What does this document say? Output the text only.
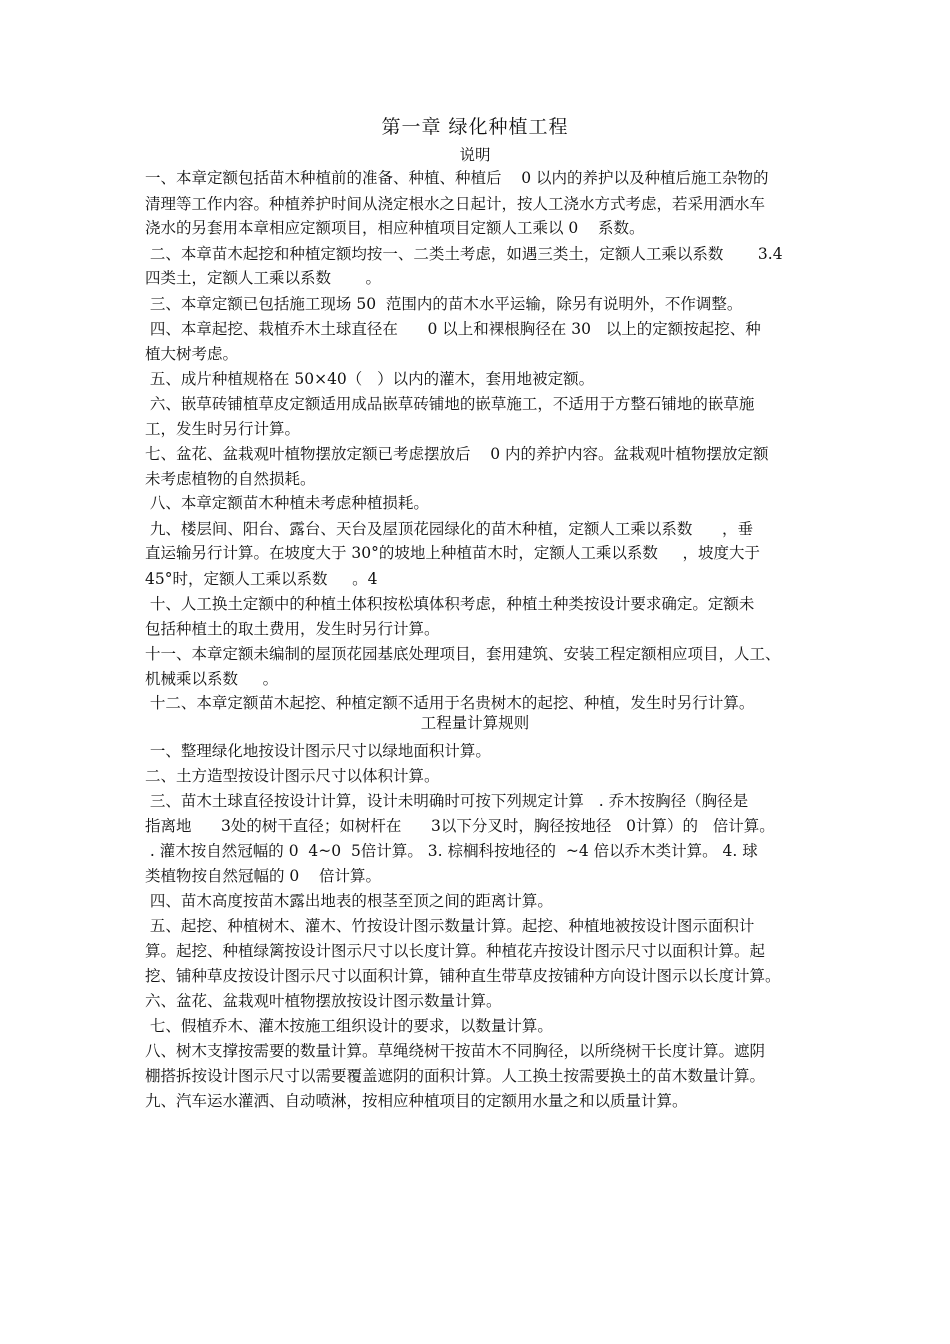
第一章 绿化种植工程
说明
一、本章定额包括苗木种植前的准备、种植、种植后    0 以内的养护以及种植后施工杂物的
清理等工作内容。种植养护时间从浇定根水之日起计，按人工浇水方式考虑，若采用洒水车
浇水的另套用本章相应定额项目，相应种植项目定额人工乘以 0    系数。
二、本章苗木起挖和种植定额均按一、二类土考虑，如遇三类土，定额人工乘以系数       3.4
四类土，定额人工乘以系数       。
三、本章定额已包括施工现场 50  范围内的苗木水平运输，除另有说明外，不作调整。
四、本章起挖、栽植乔木土球直径在      0 以上和裸根胸径在 30   以上的定额按起挖、种
植大树考虑。
五、成片种植规格在 50×40（   ）以内的灌木，套用地被定额。
六、嵌草砖铺植草皮定额适用成品嵌草砖铺地的嵌草施工，不适用于方整石铺地的嵌草施
工，发生时另行计算。
七、盆花、盆栽观叶植物摆放定额已考虑摆放后    0 内的养护内容。盆栽观叶植物摆放定额
未考虑植物的自然损耗。
八、本章定额苗木种植未考虑种植损耗。
九、楼层间、阳台、露台、天台及屋顶花园绿化的苗木种植，定额人工乘以系数      ，垂
直运输另行计算。在坡度大于 30°的坡地上种植苗木时，定额人工乘以系数     ，坡度大于
45°时，定额人工乘以系数     。4
十、人工换土定额中的种植土体积按松填体积考虑，种植土种类按设计要求确定。定额未
包括种植土的取土费用，发生时另行计算。
十一、本章定额未编制的屋顶花园基底处理项目，套用建筑、安装工程定额相应项目，人工、
机械乘以系数     。
十二、本章定额苗木起挖、种植定额不适用于名贵树木的起挖、种植，发生时另行计算。
工程量计算规则
一、整理绿化地按设计图示尺寸以绿地面积计算。
二、土方造型按设计图示尺寸以体积计算。
三、苗木土球直径按设计计算，设计未明确时可按下列规定计算   . 乔木按胸径（胸径是
指离地      3处的树干直径；如树杆在      3以下分叉时，胸径按地径   0计算）的   倍计算。
. 灌木按自然冠幅的 0  4~0  5倍计算。 3. 棕榈科按地径的  ~4 倍以乔木类计算。 4. 球
类植物按自然冠幅的 0    倍计算。
四、苗木高度按苗木露出地表的根茎至顶之间的距离计算。
五、起挖、种植树木、灌木、竹按设计图示数量计算。起挖、种植地被按设计图示面积计
算。起挖、种植绿篱按设计图示尺寸以长度计算。种植花卉按设计图示尺寸以面积计算。起
挖、铺种草皮按设计图示尺寸以面积计算，铺种直生带草皮按铺种方向设计图示以长度计算。
六、盆花、盆栽观叶植物摆放按设计图示数量计算。
七、假植乔木、灌木按施工组织设计的要求，以数量计算。
八、树木支撑按需要的数量计算。草绳绕树干按苗木不同胸径，以所绕树干长度计算。遮阴
棚搭拆按设计图示尺寸以需要覆盖遮阴的面积计算。人工换土按需要换土的苗木数量计算。
九、汽车运水灌洒、自动喷淋，按相应种植项目的定额用水量之和以质量计算。
